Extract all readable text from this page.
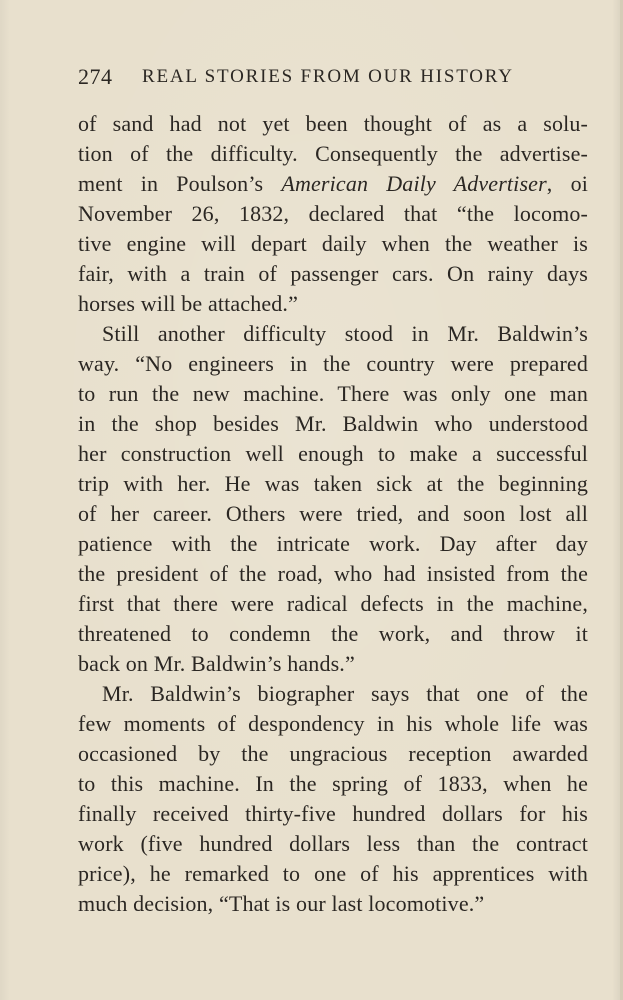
274 REAL STORIES FROM OUR HISTORY
of sand had not yet been thought of as a solu-
tion of the difficulty. Consequently the advertise-
ment in Poulson’s American Daily Advertiser, oi
November 26, 1832, declared that “the locomo-
tive engine will depart daily when the weather is
fair, with a train of passenger cars. On rainy days
horses will be attached.”
Still another difficulty stood in Mr. Baldwin’s
way. “No engineers in the country were prepared
to run the new machine. There was only one man
in the shop besides Mr. Baldwin who understood
her construction well enough to make a successful
trip with her. He was taken sick at the beginning
of her career. Others were tried, and soon lost all
patience with the intricate work. Day after day
the president of the road, who had insisted from the
first that there were radical defects in the machine,
threatened to condemn the work, and throw it
back on Mr. Baldwin’s hands.”
Mr. Baldwin’s biographer says that one of the
few moments of despondency in his whole life was
occasioned by the ungracious reception awarded
to this machine. In the spring of 1833, when he
finally received thirty-five hundred dollars for his
work (five hundred dollars less than the contract
price), he remarked to one of his apprentices with
much decision, “That is our last locomotive.”
